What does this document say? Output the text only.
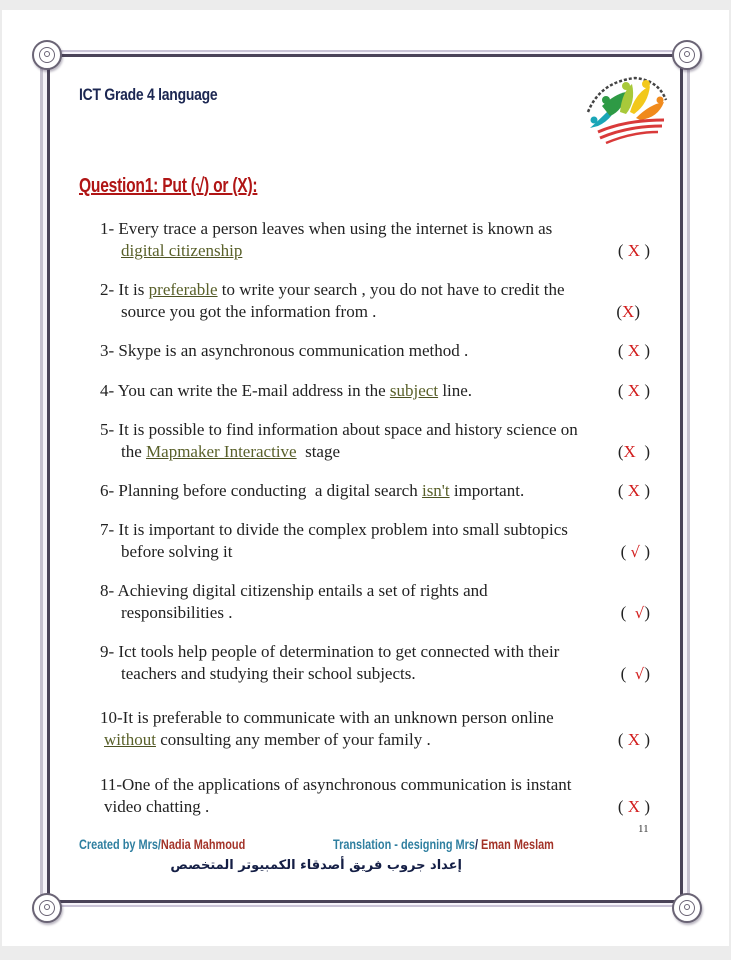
ICT Grade 4 language
Question1: Put (√) or (X):
1- Every trace a person leaves when using the internet is known as
digital citizenship	( X )
2- It is preferable to write your search , you do not have to credit the
source you got the information from .	(X)
3- Skype is an asynchronous communication method .	( X )
4- You can write the E-mail address in the subject line.	( X )
5- It is possible to find information about space and history science on
the Mapmaker Interactive  stage	(X  )
6- Planning before conducting  a digital search isn't important.	( X )
7- It is important to divide the complex problem into small subtopics
before solving it	( √ )
8- Achieving digital citizenship entails a set of rights and
responsibilities .	(  √)
9- Ict tools help people of determination to get connected with their
teachers and studying their school subjects.	(  √)
10-It is preferable to communicate with an unknown person online
without consulting any member of your family .	( X )
11-One of the applications of asynchronous communication is instant
video chatting .	( X )
11
Created by Mrs/Nadia Mahmoud	Translation - designing Mrs/ Eman Meslam
إعداد جروب فريق أصدقاء الكمبيوتر المتخصص
